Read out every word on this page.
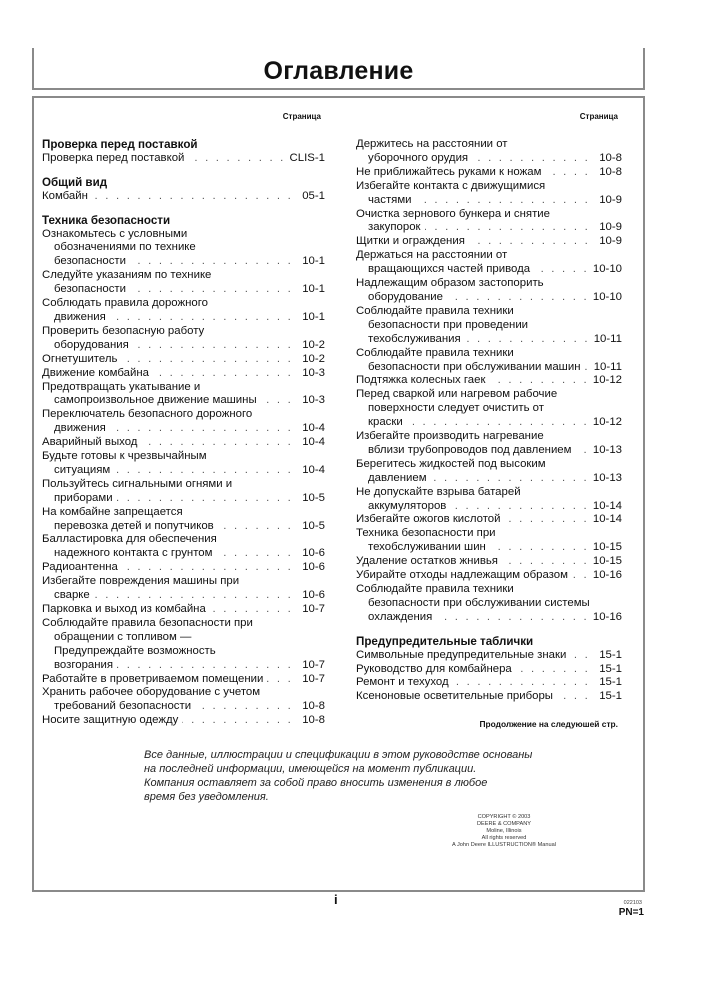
Оглавление
Страница
Проверка перед поставкой
Проверка перед поставкой . . .	CLIS-1
Общий вид
Комбайн . . .	05-1
Техника безопасности
Ознакомьтесь с условными
обозначениями по технике
безопасности . . .	10-1
Следуйте указаниям по технике
безопасности . . .	10-1
Соблюдать правила дорожного
движения . . .	10-1
Проверить безопасную работу
оборудования . . .	10-2
Огнетушитель . . .	10-2
Движение комбайна . . .	10-3
Предотвращать укатывание и
самопроизвольное движение машины . . .	10-3
Переключатель безопасного дорожного
движения . . .	10-4
Аварийный выход . . .	10-4
Будьте готовы к чрезвычайным
ситуациям . . .	10-4
Пользуйтесь сигнальными огнями и
приборами . . .	10-5
На комбайне запрещается
перевозка детей и попутчиков . . .	10-5
Балластировка для обеспечения
надежного контакта с грунтом . . .	10-6
Радиоантенна . . .	10-6
Избегайте повреждения машины при
сварке . . .	10-6
Парковка и выход из комбайна . . .	10-7
Соблюдайте правила безопасности при
обращении с топливом —
Предупреждайте возможность
возгорания . . .	10-7
Работайте в проветриваемом помещении . . .	10-7
Хранить рабочее оборудование с учетом
требований безопасности . . .	10-8
Носите защитную одежду . . .	10-8
Страница
Держитесь на расстоянии от
уборочного орудия . . .	10-8
Не приближайтесь руками к ножам . . .	10-8
Избегайте контакта с движущимися
частями . . .	10-9
Очистка зернового бункера и снятие
закупорок . . .	10-9
Щитки и ограждения . . .	10-9
Держаться на расстоянии от
вращающихся частей привода . . .	10-10
Надлежащим образом застопорить
оборудование . . .	10-10
Соблюдайте правила техники
безопасности при проведении
техобслуживания . . .	10-11
Соблюдайте правила техники
безопасности при обслуживании машин . . . 10-11
Подтяжка колесных гаек . . .	10-12
Перед сваркой или нагревом рабочие
поверхности следует очистить от
краски . . .	10-12
Избегайте производить нагревание
вблизи трубопроводов под давлением . . . 10-13
Берегитесь жидкостей под высоким
давлением . . .	10-13
Не допускайте взрыва батарей
аккумуляторов . . .	10-14
Избегайте ожогов кислотой . . .	10-14
Техника безопасности при
техобслуживании шин . . .	10-15
Удаление остатков жнивья . . .	10-15
Убирайте отходы надлежащим образом . . . 10-16
Соблюдайте правила техники
безопасности при обслуживании системы
охлаждения . . .	10-16
Предупредительные таблички
Символьные предупредительные знаки . . .	15-1
Руководство для комбайнера . . .	15-1
Ремонт и техуход . . .	15-1
Ксеноновые осветительные приборы . . .	15-1
Продолжение на следуюшей стр.
Все данные, иллюстрации и спецификации в этом руководстве основаны
на последней информации, имеющейся на момент публикации.
Компания оставляет за собой право вносить изменения в любое
время без уведомления.
COPYRIGHT © 2003
DEERE & COMPANY
Moline, Illinois
All rights reserved
A John Deere ILLUSTRUCTION® Manual
i	022103
PN=1
